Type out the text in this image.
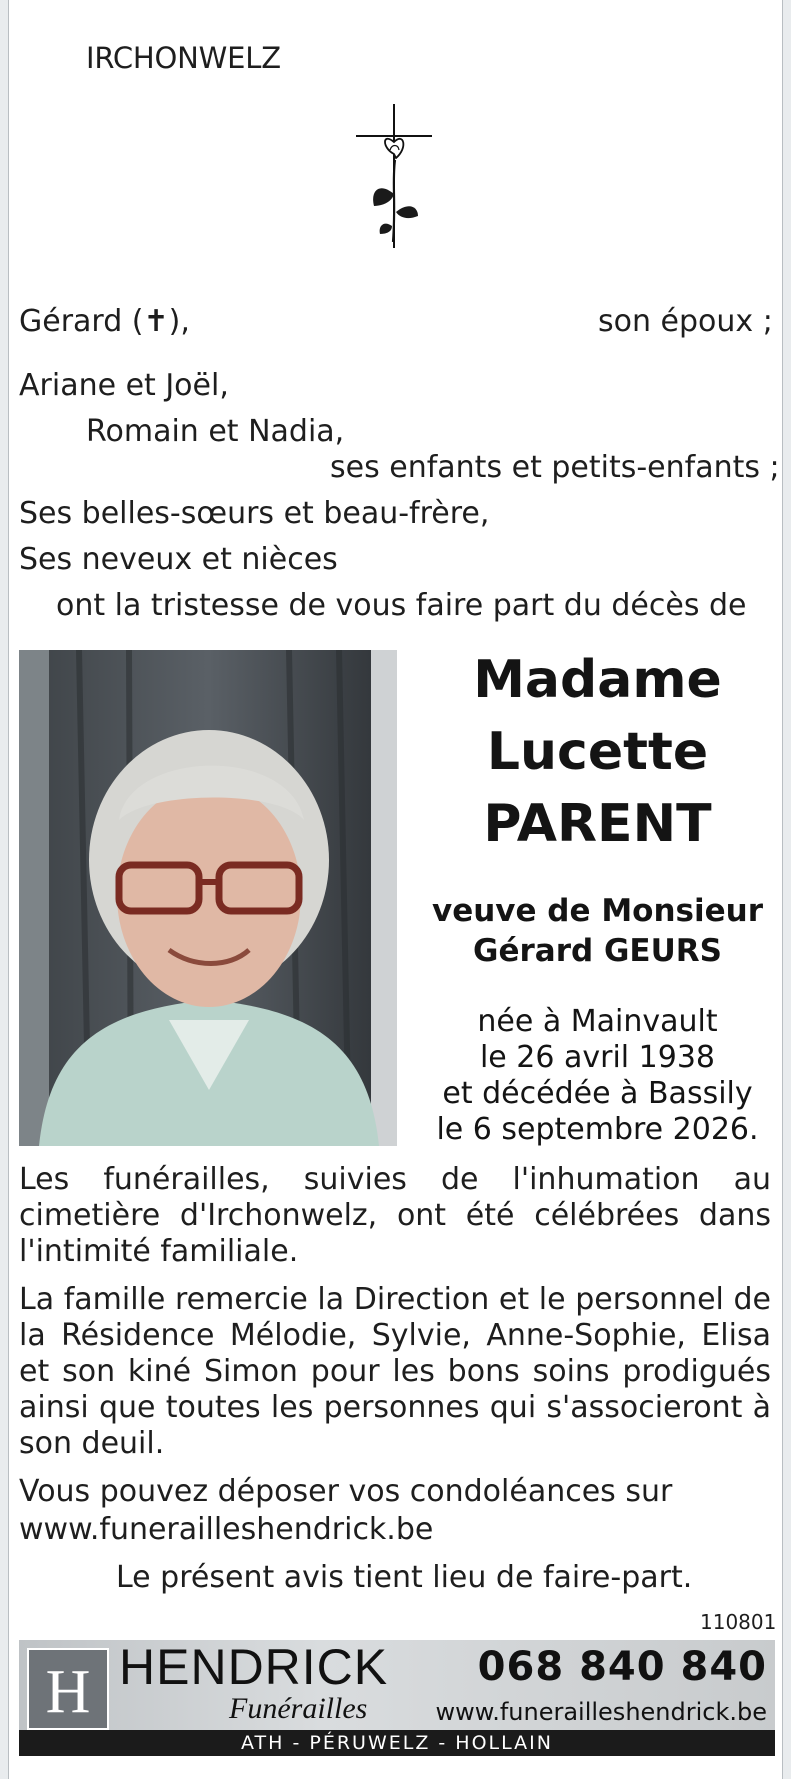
IRCHONWELZ
Gérard (✝),	son époux ;
Ariane et Joël,
Romain et Nadia,
ses enfants et petits-enfants ;
Ses belles-sœurs et beau-frère,
Ses neveux et nièces
ont la tristesse de vous faire part du décès de
Madame
Lucette
PARENT
veuve de Monsieur
Gérard GEURS
née à Mainvault
le 26 avril 1938
et décédée à Bassily
le 6 septembre 2026.
Les funérailles, suivies de l'inhumation au cimetière d'Irchonwelz, ont été célébrées dans l'intimité familiale.
La famille remercie la Direction et le personnel de la Résidence Mélodie, Sylvie, Anne-Sophie, Elisa et son kiné Simon pour les bons soins prodigués ainsi que toutes les personnes qui s'associeront à son deuil.
Vous pouvez déposer vos condoléances sur
www.funerailleshendrick.be
Le présent avis tient lieu de faire-part.
110801
H HENDRICK
Funérailles
068 840 840
www.funerailleshendrick.be
ATH - PÉRUWELZ - HOLLAIN
